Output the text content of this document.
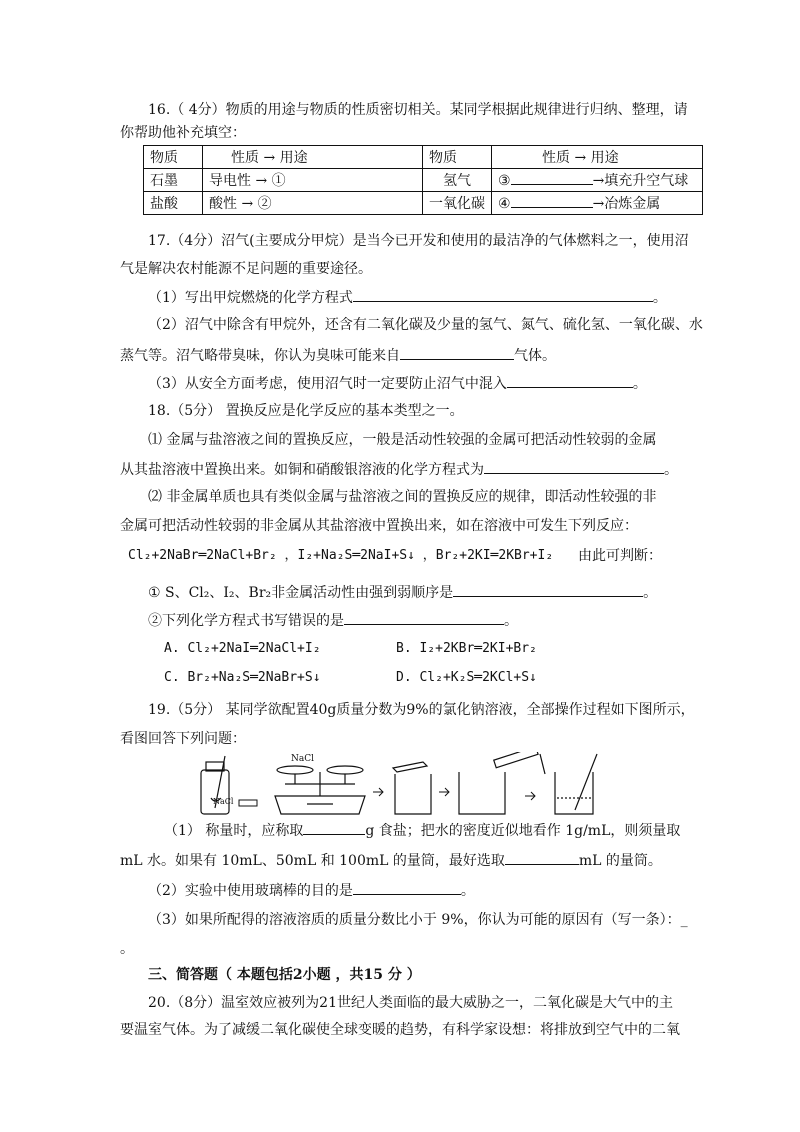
16.（ 4分）物质的用途与物质的性质密切相关。某同学根据此规律进行归纳、整理，请
你帮助他补充填空：
物质	性质 → 用途	物质	性质 → 用途
石墨	导电性 → ①	氢气	③ →填充升空气球
盐酸	酸性 → ②	一氧化碳	④ →冶炼金属
17.（4分）沼气(主要成分甲烷）是当今已开发和使用的最洁净的气体燃料之一，使用沼
气是解决农村能源不足问题的重要途径。
（1）写出甲烷燃烧的化学方程式	。
（2）沼气中除含有甲烷外，还含有二氧化碳及少量的氢气、氮气、硫化氢、一氧化碳、水
蒸气等。沼气略带臭味，你认为臭味可能来自	气体。
（3）从安全方面考虑，使用沼气时一定要防止沼气中混入	。
18.（5分） 置换反应是化学反应的基本类型之一。
⑴ 金属与盐溶液之间的置换反应，一般是活动性较强的金属可把活动性较弱的金属
从其盐溶液中置换出来。如铜和硝酸银溶液的化学方程式为	。
⑵ 非金属单质也具有类似金属与盐溶液之间的置换反应的规律，即活动性较强的非
金属可把活动性较弱的非金属从其盐溶液中置换出来，如在溶液中可发生下列反应：
Cl₂+2NaBr═2NaCl+Br₂ ，I₂+Na₂S═2NaI+S↓ ，Br₂+2KI═2KBr+I₂ 由此可判断：
① S、Cl₂、I₂、Br₂非金属活动性由强到弱顺序是	。
②下列化学方程式书写错误的是	。
A. Cl₂+2NaI═2NaCl+I₂	B. I₂+2KBr═2KI+Br₂
C. Br₂+Na₂S═2NaBr+S↓	D. Cl₂+K₂S═2KCl+S↓
19.（5分） 某同学欲配置40g质量分数为9%的氯化钠溶液，全部操作过程如下图所示，
看图回答下列问题：
NaCl
NaCl
（1） 称量时，应称取	g 食盐；把水的密度近似地看作 1g/mL，则须量取
mL 水。如果有 10mL、50mL 和 100mL 的量筒，最好选取	mL 的量筒。
（2）实验中使用玻璃棒的目的是	。
（3）如果所配得的溶液溶质的质量分数比小于 9%，你认为可能的原因有（写一条）：_
。
三、简答题（ 本题包括2小题 ，共15 分 ）
20.（8分）温室效应被列为21世纪人类面临的最大威胁之一，二氧化碳是大气中的主
要温室气体。为了减缓二氧化碳使全球变暖的趋势，有科学家设想：将排放到空气中的二氧
